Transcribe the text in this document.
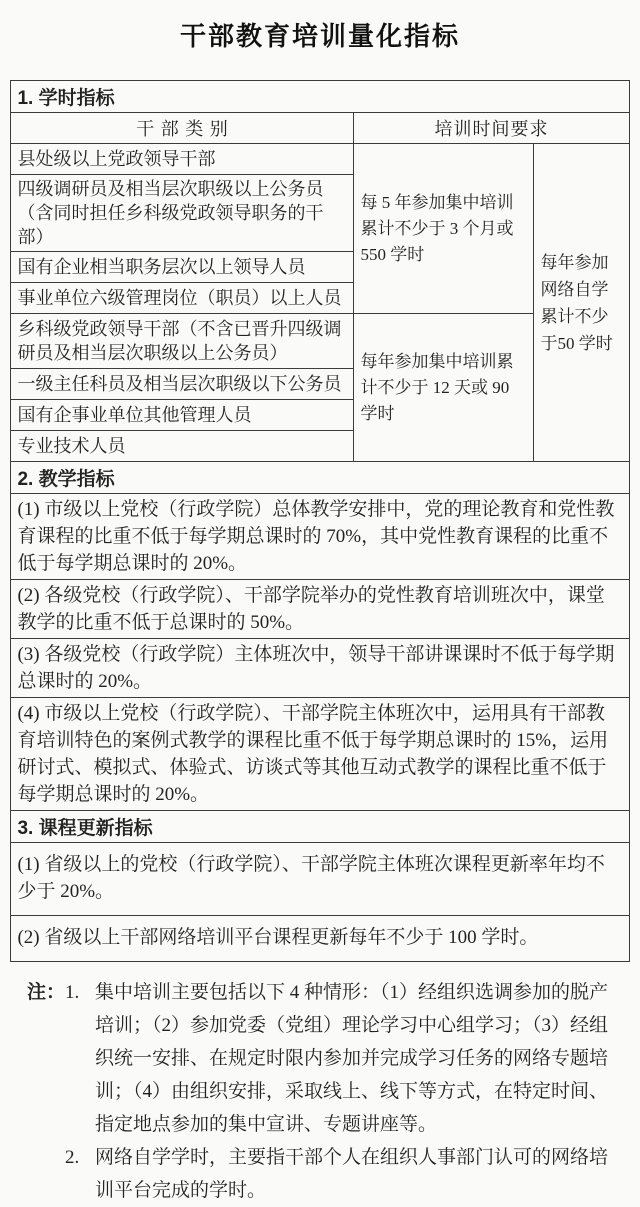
干部教育培训量化指标
1. 学时指标		
干 部 类 别	培训时间要求	
县处级以上党政领导干部	每 5 年参加集中培训累计不少于 3 个月或 550 学时	每年参加网络自学累计不少于50 学时
四级调研员及相当层次职级以上公务员（含同时担任乡科级党政领导职务的干部）		
国有企业相当职务层次以上领导人员		
事业单位六级管理岗位（职员）以上人员		
乡科级党政领导干部（不含已晋升四级调研员及相当层次职级以上公务员）	每年参加集中培训累计不少于 12 天或 90 学时	
一级主任科员及相当层次职级以下公务员		
国有企事业单位其他管理人员		
专业技术人员		
2. 教学指标		
(1) 市级以上党校（行政学院）总体教学安排中，党的理论教育和党性教育课程的比重不低于每学期总课时的 70%，其中党性教育课程的比重不低于每学期总课时的 20%。		
(2) 各级党校（行政学院）、干部学院举办的党性教育培训班次中，课堂教学的比重不低于总课时的 50%。		
(3) 各级党校（行政学院）主体班次中，领导干部讲课课时不低于每学期总课时的 20%。		
(4) 市级以上党校（行政学院）、干部学院主体班次中，运用具有干部教育培训特色的案例式教学的课程比重不低于每学期总课时的 15%，运用研讨式、模拟式、体验式、访谈式等其他互动式教学的课程比重不低于每学期总课时的 20%。		
3. 课程更新指标		
(1) 省级以上的党校（行政学院）、干部学院主体班次课程更新率年均不少于 20%。		
(2) 省级以上干部网络培训平台课程更新每年不少于 100 学时。		
注： 1. 集中培训主要包括以下 4 种情形：（1）经组织选调参加的脱产培训；（2）参加党委（党组）理论学习中心组学习；（3）经组织统一安排、在规定时限内参加并完成学习任务的网络专题培训；（4）由组织安排，采取线上、线下等方式，在特定时间、指定地点参加的集中宣讲、专题讲座等。
2. 网络自学学时，主要指干部个人在组织人事部门认可的网络培训平台完成的学时。
